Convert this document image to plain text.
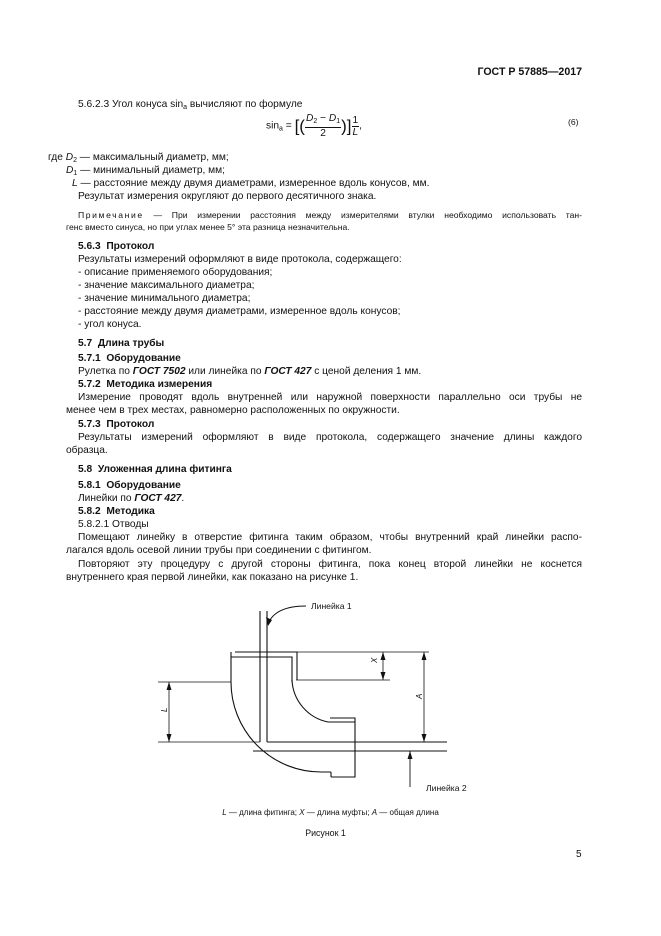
ГОСТ Р 57885—2017
5.6.2.3 Угол конуса $\sin_a$ вычисляют по формуле
$\sin_a$ = [( $\frac{D_2 - D_1}{2}$ )] $\frac{1}{L}$ ,	(6)
где $D_2$ — максимальный диаметр, мм;
$D_1$ — минимальный диаметр, мм;
L — расстояние между двумя диаметрами, измеренное вдоль конусов, мм.
Результат измерения округляют до первого десятичного знака.
Примечание — При измерении расстояния между измерителями втулки необходимо использовать тан-
генс вместо синуса, но при углах менее 5° эта разница незначительна.
5.6.3 Протокол
Результаты измерений оформляют в виде протокола, содержащего:
- описание применяемого оборудования;
- значение максимального диаметра;
- значение минимального диаметра;
- расстояние между двумя диаметрами, измеренное вдоль конусов;
- угол конуса.
5.7 Длина трубы
5.7.1 Оборудование
Рулетка по ГОСТ 7502 или линейка по ГОСТ 427 с ценой деления 1 мм.
5.7.2 Методика измерения
Измерение проводят вдоль внутренней или наружной поверхности параллельно оси трубы не
менее чем в трех местах, равномерно расположенных по окружности.
5.7.3 Протокол
Результаты измерений оформляют в виде протокола, содержащего значение длины каждого
образца.
5.8 Уложенная длина фитинга
5.8.1 Оборудование
Линейки по ГОСТ 427.
5.8.2 Методика
5.8.2.1 Отводы
Помещают линейку в отверстие фитинга таким образом, чтобы внутренний край линейки распо-
лагался вдоль осевой линии трубы при соединении с фитингом.
Повторяют эту процедуру с другой стороны фитинга, пока конец второй линейки не коснется
внутреннего края первой линейки, как показано на рисунке 1.
Линейка 1
Линейка 2
X
A
L
L — длина фитинга; X — длина муфты; A — общая длина
Рисунок 1
5
